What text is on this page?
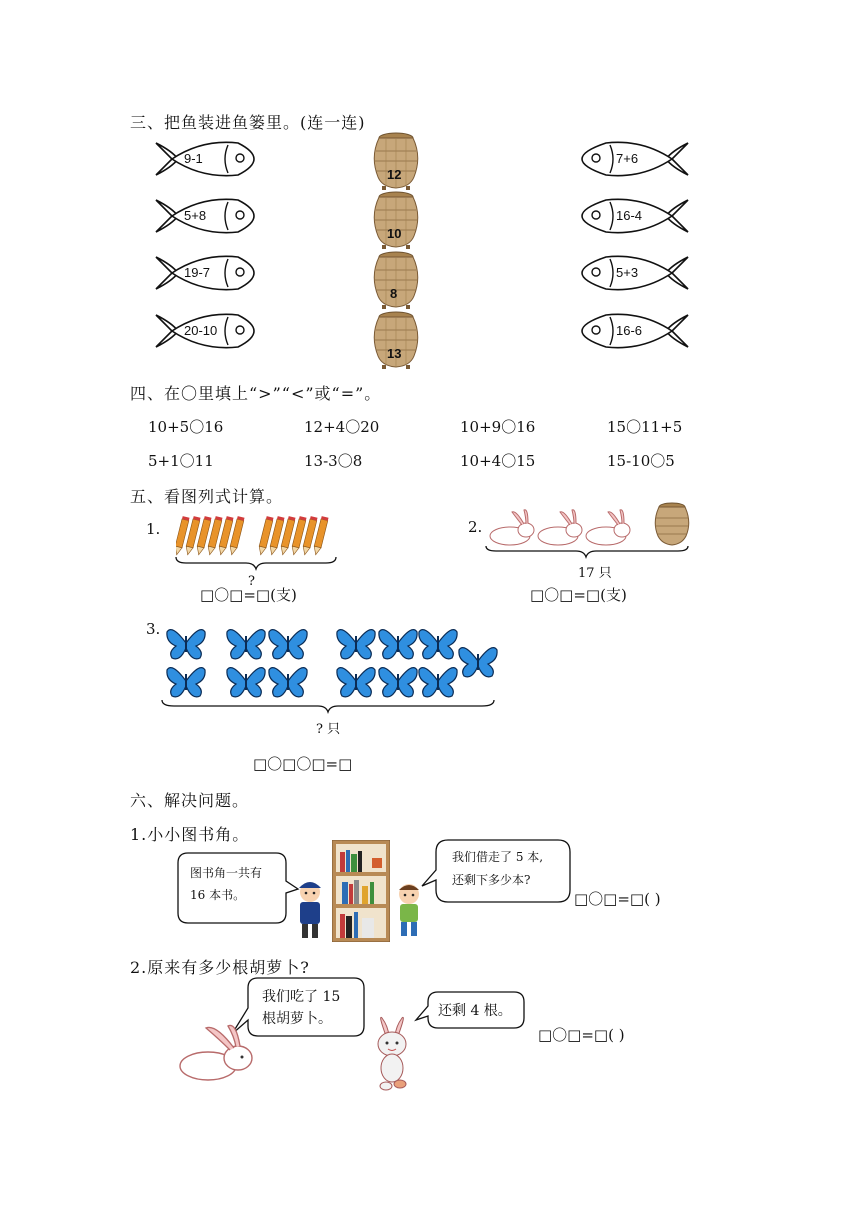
三、把鱼装进鱼篓里。(连一连)
9-1
5+8
19-7
20-10
12
10
8
13
7+6
16-4
5+3
16-6
四、在〇里填上“>”“<”或“=”。
10+5〇16	12+4〇20	10+9〇16	15〇11+5
5+1〇11	13-3〇8	10+4〇15	15-10〇5
五、看图列式计算。
1.
?
□〇□=□(支)
2.
17 只
□〇□=□(支)
3.
? 只
□〇□〇□=□
六、解决问题。
1.小小图书角。
图书角一共有
16 本书。
我们借走了 5 本,
还剩下多少本?
□〇□=□( )
2.原来有多少根胡萝卜?
我们吃了 15
根胡萝卜。	还剩 4 根。
□〇□=□( )
